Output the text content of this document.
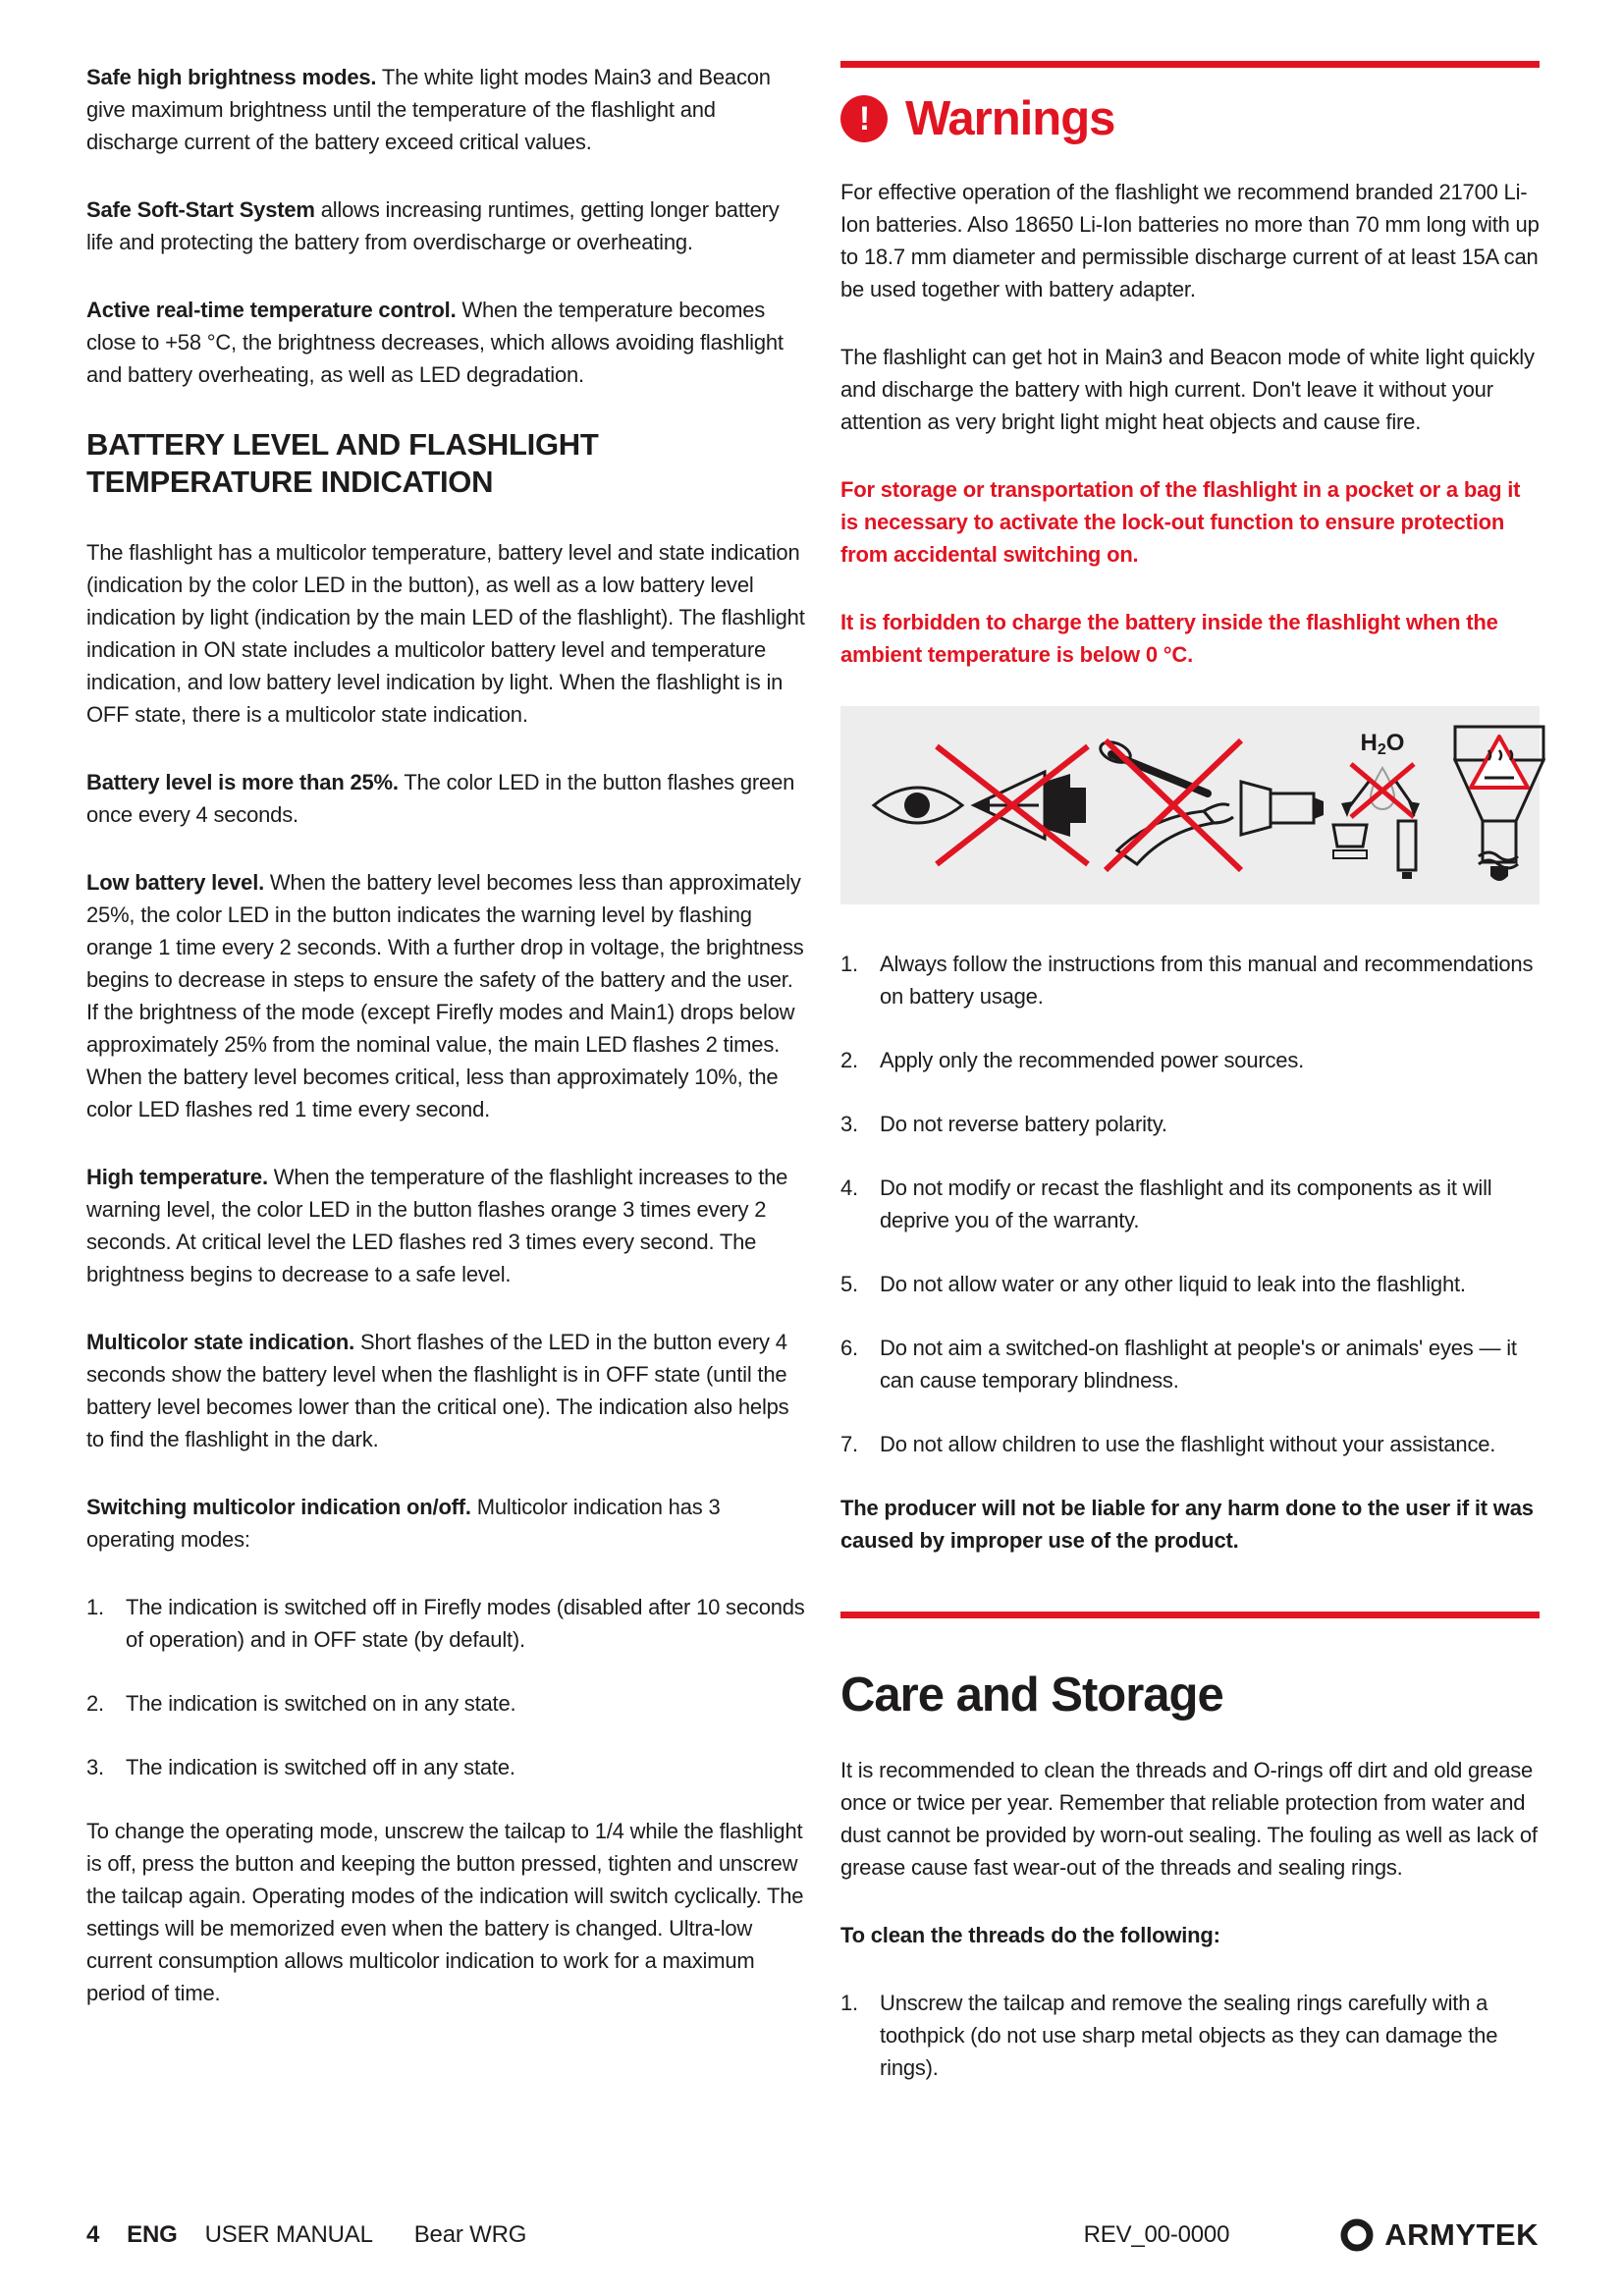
Safe high brightness modes. The white light modes Main3 and Beacon give maximum brightness until the temperature of the flashlight and discharge current of the battery exceed critical values.

Safe Soft-Start System allows increasing runtimes, getting longer battery life and protecting the battery from overdischarge or overheating.

Active real-time temperature control. When the temperature becomes close to +58 °C, the brightness decreases, which allows avoiding flashlight and battery overheating, as well as LED degradation.

BATTERY LEVEL AND FLASHLIGHT TEMPERATURE INDICATION

The flashlight has a multicolor temperature, battery level and state indication (indication by the color LED in the button), as well as a low battery level indication by light (indication by the main LED of the flashlight). The flashlight indication in ON state includes a multicolor battery level and temperature indication, and low battery level indication by light. When the flashlight is in OFF state, there is a multicolor state indication.

Battery level is more than 25%. The color LED in the button flashes green once every 4 seconds.

Low battery level. When the battery level becomes less than approximately 25%, the color LED in the button indicates the warning level by flashing orange 1 time every 2 seconds. With a further drop in voltage, the brightness begins to decrease in steps to ensure the safety of the battery and the user. If the brightness of the mode (except Firefly modes and Main1) drops below approximately 25% from the nominal value, the main LED flashes 2 times. When the battery level becomes critical, less than approximately 10%, the color LED flashes red 1 time every second.

High temperature. When the temperature of the flashlight increases to the warning level, the color LED in the button flashes orange 3 times every 2 seconds. At critical level the LED flashes red 3 times every second. The brightness begins to decrease to a safe level.

Multicolor state indication. Short flashes of the LED in the button every 4 seconds show the battery level when the flashlight is in OFF state (until the battery level becomes lower than the critical one). The indication also helps to find the flashlight in the dark.

Switching multicolor indication on/off. Multicolor indication has 3 operating modes:

1.	The indication is switched off in Firefly modes (disabled after 10 seconds of operation) and in OFF state (by default).
2.	The indication is switched on in any state.
3.	The indication is switched off in any state.

To change the operating mode, unscrew the tailcap to 1/4 while the flashlight is off, press the button and keeping the button pressed, tighten and unscrew the tailcap again. Operating modes of the indication will switch cyclically. The settings will be memorized even when the battery is changed. Ultra-low current consumption allows multicolor indication to work for a maximum period of time.

! Warnings

For effective operation of the flashlight we recommend branded 21700 Li-Ion batteries. Also 18650 Li-Ion batteries no more than 70 mm long with up to 18.7 mm diameter and permissible discharge current of at least 15A can be used together with battery adapter.

The flashlight can get hot in Main3 and Beacon mode of white light quickly and discharge the battery with high current. Don't leave it without your attention as very bright light might heat objects and cause fire.

For storage or transportation of the flashlight in a pocket or a bag it is necessary to activate the lock-out function to ensure protection from accidental switching on.

It is forbidden to charge the battery inside the flashlight when the ambient temperature is below 0 °C.

$H_2O$
1.	Always follow the instructions from this manual and recommendations on battery usage.
2.	Apply only the recommended power sources.
3.	Do not reverse battery polarity.
4.	Do not modify or recast the flashlight and its components as it will deprive you of the warranty.
5.	Do not allow water or any other liquid to leak into the flashlight.
6.	Do not aim a switched-on flashlight at people's or animals' eyes — it can cause temporary blindness.
7.	Do not allow children to use the flashlight without your assistance.

The producer will not be liable for any harm done to the user if it was caused by improper use of the product.

Care and Storage

It is recommended to clean the threads and O-rings off dirt and old grease once or twice per year. Remember that reliable protection from water and dust cannot be provided by worn-out sealing. The fouling as well as lack of grease cause fast wear-out of the threads and sealing rings.

To clean the threads do the following:

1.	Unscrew the tailcap and remove the sealing rings carefully with a toothpick (do not use sharp metal objects as they can damage the rings).
4 ENG USER MANUAL Bear WRG	REV_00-0000	ARMYTEK
